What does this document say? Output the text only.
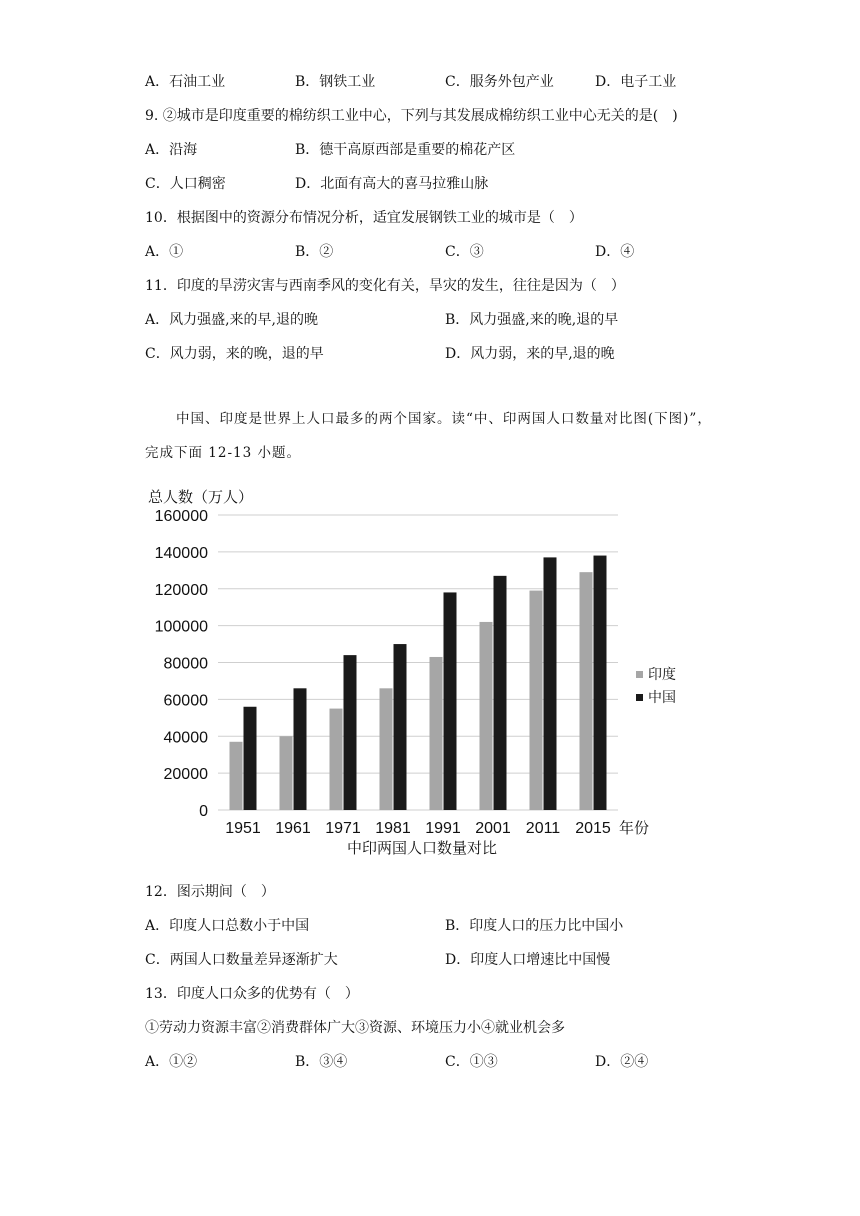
A．石油工业	B．钢铁工业	C．服务外包产业	D．电子工业
9. ②城市是印度重要的棉纺织工业中心，下列与其发展成棉纺织工业中心无关的是(　)
A．沿海	B．德干高原西部是重要的棉花产区
C．人口稠密	D．北面有高大的喜马拉雅山脉
10．根据图中的资源分布情况分析，适宜发展钢铁工业的城市是（　）
A．①	B．②	C．③	D．④
11．印度的旱涝灾害与西南季风的变化有关，旱灾的发生，往往是因为（　）
A．风力强盛,来的早,退的晚	B．风力强盛,来的晚,退的早
C．风力弱，来的晚，退的早	D．风力弱，来的早,退的晚
中国、印度是世界上人口最多的两个国家。读“中、印两国人口数量对比图(下图)”，
完成下面 12-13 小题。
160000
140000
120000
100000
80000
60000
40000
20000
0
1951 1961 1971 1981 1991 2001 2011 2015
总人数（万人）
年份
中印两国人口数量对比
印度
中国
12．图示期间（　）
A．印度人口总数小于中国	B．印度人口的压力比中国小
C．两国人口数量差异逐渐扩大	D．印度人口增速比中国慢
13．印度人口众多的优势有（　）
①劳动力资源丰富②消费群体广大③资源、环境压力小④就业机会多
A．①②	B．③④	C．①③	D．②④
